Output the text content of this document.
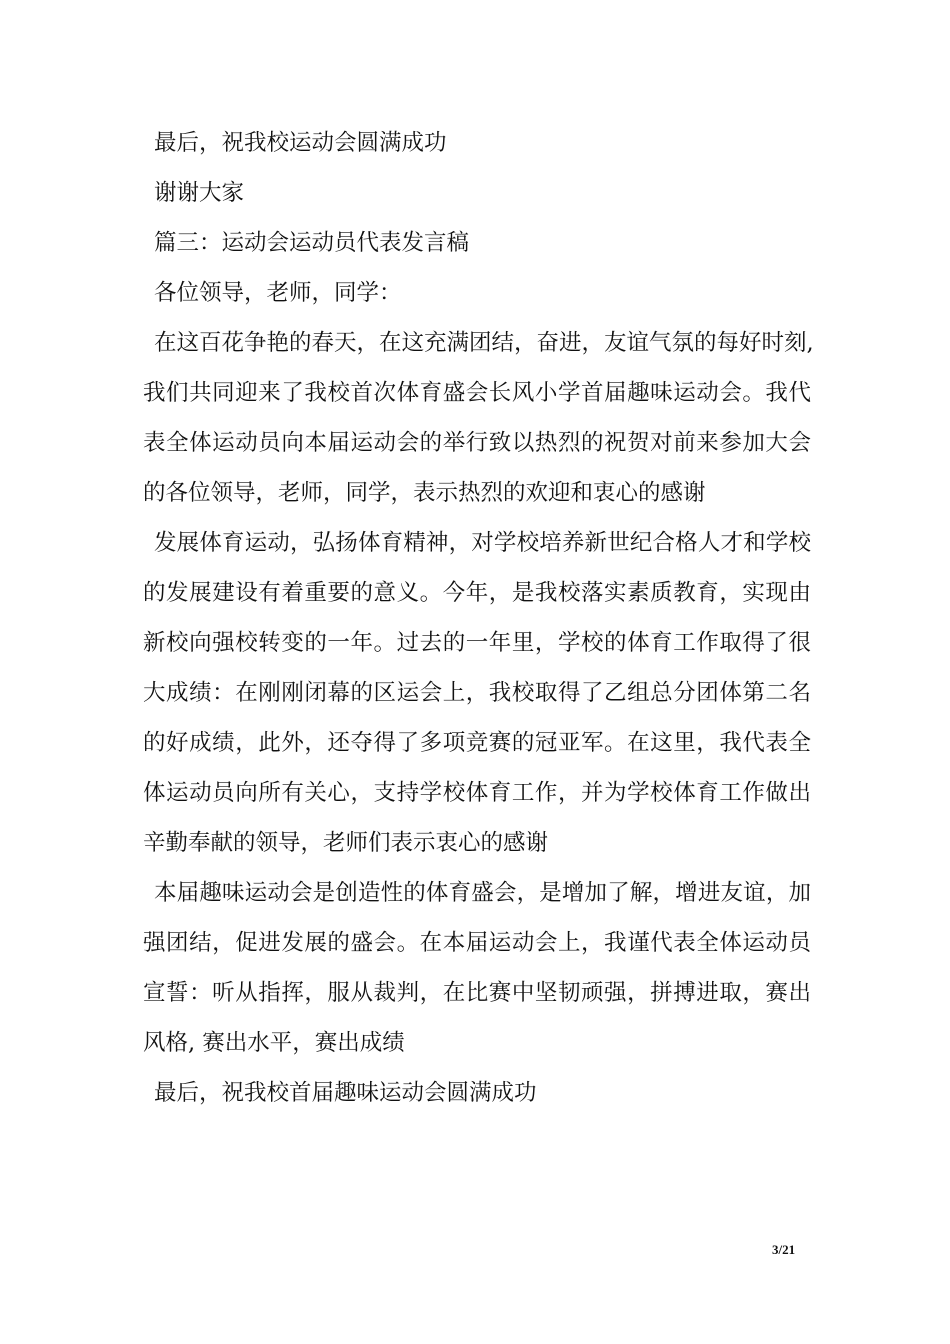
最后，祝我校运动会圆满成功
谢谢大家
篇三：运动会运动员代表发言稿
各位领导，老师，同学：
在这百花争艳的春天，在这充满团结，奋进，友谊气氛的每好时刻,
我们共同迎来了我校首次体育盛会长风小学首届趣味运动会。我代
表全体运动员向本届运动会的举行致以热烈的祝贺对前来参加大会
的各位领导，老师，同学，表示热烈的欢迎和衷心的感谢
发展体育运动，弘扬体育精神，对学校培养新世纪合格人才和学校
的发展建设有着重要的意义。今年，是我校落实素质教育，实现由
新校向强校转变的一年。过去的一年里，学校的体育工作取得了很
大成绩：在刚刚闭幕的区运会上，我校取得了乙组总分团体第二名
的好成绩，此外，还夺得了多项竞赛的冠亚军。在这里，我代表全
体运动员向所有关心，支持学校体育工作，并为学校体育工作做出
辛勤奉献的领导，老师们表示衷心的感谢
本届趣味运动会是创造性的体育盛会，是增加了解，增进友谊，加
强团结，促进发展的盛会。在本届运动会上，我谨代表全体运动员
宣誓：听从指挥，服从裁判，在比赛中坚韧顽强，拼搏进取，赛出
风格, 赛出水平，赛出成绩
最后，祝我校首届趣味运动会圆满成功
3/21
